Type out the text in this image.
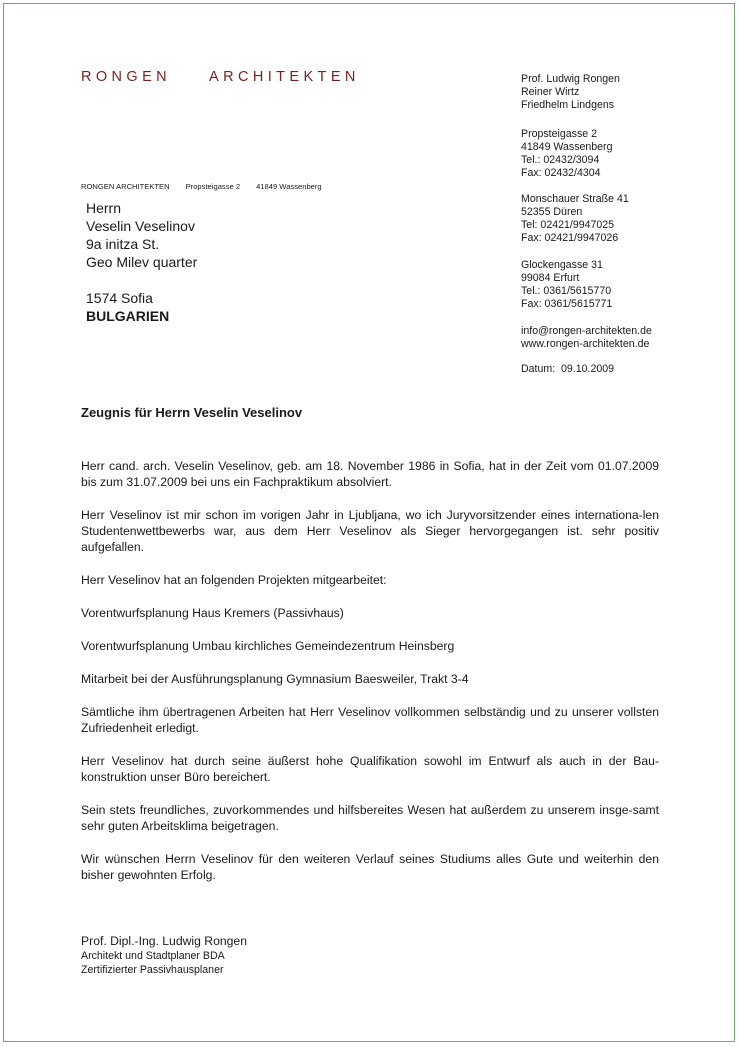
RONGEN	ARCHITEKTEN
RONGEN ARCHITEKTEN Propsteigasse 2 41849 Wassenberg
Herrn
Veselin Veselinov
9a initza St.
Geo Milev quarter
1574 Sofia
BULGARIEN
Prof. Ludwig Rongen
Reiner Wirtz
Friedhelm Lindgens
Propsteigasse 2
41849 Wassenberg
Tel.: 02432/3094
Fax: 02432/4304
Monschauer Straße 41
52355 Düren
Tel: 02421/9947025
Fax: 02421/9947026
Glockengasse 31
99084 Erfurt
Tel.: 0361/5615770
Fax: 0361/5615771
info@rongen-architekten.de
www.rongen-architekten.de
Datum:  09.10.2009
Zeugnis für Herrn Veselin Veselinov

Herr cand. arch. Veselin Veselinov, geb. am 18. November 1986 in Sofia, hat in der Zeit vom 01.07.2009 bis zum 31.07.2009 bei uns ein Fachpraktikum absolviert.

Herr Veselinov ist mir schon im vorigen Jahr in Ljubljana, wo ich Juryvorsitzender eines internationa-len Studentenwettbewerbs war, aus dem Herr Veselinov als Sieger hervorgegangen ist. sehr positiv aufgefallen.

Herr Veselinov hat an folgenden Projekten mitgearbeitet:

Vorentwurfsplanung Haus Kremers (Passivhaus)

Vorentwurfsplanung Umbau kirchliches Gemeindezentrum Heinsberg

Mitarbeit bei der Ausführungsplanung Gymnasium Baesweiler, Trakt 3-4

Sämtliche ihm übertragenen Arbeiten hat Herr Veselinov vollkommen selbständig und zu unserer vollsten Zufriedenheit erledigt.

Herr Veselinov hat durch seine äußerst hohe Qualifikation sowohl im Entwurf als auch in der Bau-konstruktion unser Büro bereichert.

Sein stets freundliches, zuvorkommendes und hilfsbereites Wesen hat außerdem zu unserem insge-samt sehr guten Arbeitsklima beigetragen.

Wir wünschen Herrn Veselinov für den weiteren Verlauf seines Studiums alles Gute und weiterhin den bisher gewohnten Erfolg.

Prof. Dipl.-Ing. Ludwig Rongen
Architekt und Stadtplaner BDA
Zertifizierter Passivhausplaner
